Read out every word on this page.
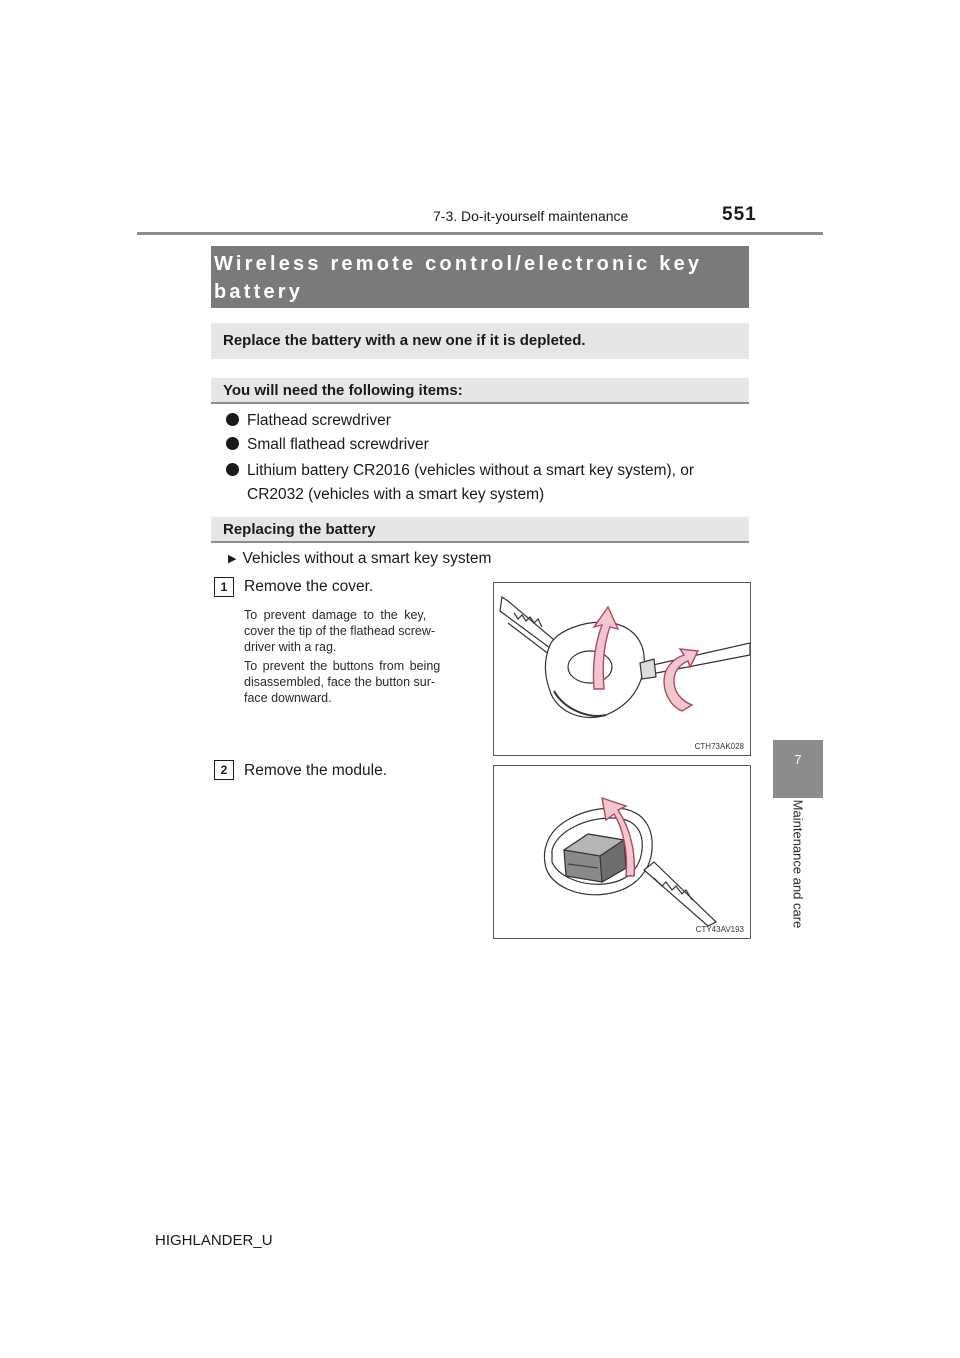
7-3. Do-it-yourself maintenance	551
7
Maintenance and care
Wireless remote control/electronic key
battery
Replace the battery with a new one if it is depleted.
You will need the following items:
Flathead screwdriver
Small flathead screwdriver
Lithium battery CR2016 (vehicles without a smart key system), or
CR2032 (vehicles with a smart key system)
Replacing the battery
▶ Vehicles without a smart key system
1	Remove the cover.
To prevent damage to the key,
cover the tip of the flathead screw-
driver with a rag.
To prevent the buttons from being
disassembled, face the button sur-
face downward.
CTH73AK028
2	Remove the module.
CTY43AV193
HIGHLANDER_U
